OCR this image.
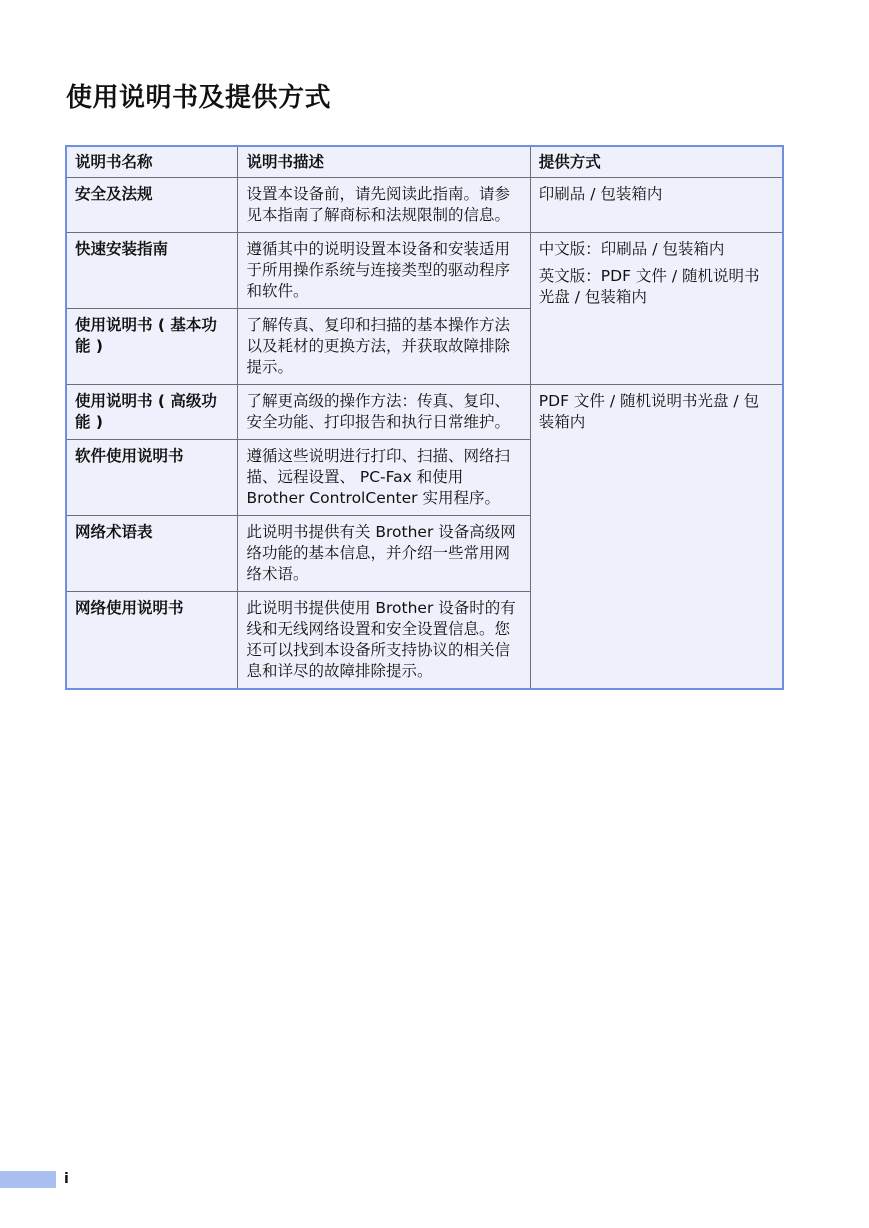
使用说明书及提供方式
说明书名称	说明书描述	提供方式
安全及法规	设置本设备前，请先阅读此指南。请参见本指南了解商标和法规限制的信息。	印刷品 / 包装箱内

快速安装指南	遵循其中的说明设置本设备和安装适用于所用操作系统与连接类型的驱动程序和软件。	中文版：印刷品 / 包装箱内
英文版：PDF 文件 / 随机说明书光盘 / 包装箱内

使用说明书 ( 基本功能 )	了解传真、复印和扫描的基本操作方法以及耗材的更换方法，并获取故障排除提示。	
使用说明书 ( 高级功能 )	了解更高级的操作方法：传真、复印、安全功能、打印报告和执行日常维护。	PDF 文件 / 随机说明书光盘 / 包装箱内

软件使用说明书	遵循这些说明进行打印、扫描、网络扫描、远程设置、 PC-Fax 和使用 Brother ControlCenter 实用程序。	
网络术语表	此说明书提供有关 Brother 设备高级网络功能的基本信息，并介绍一些常用网络术语。	
网络使用说明书	此说明书提供使用 Brother 设备时的有线和无线网络设置和安全设置信息。您还可以找到本设备所支持协议的相关信息和详尽的故障排除提示。	
i
